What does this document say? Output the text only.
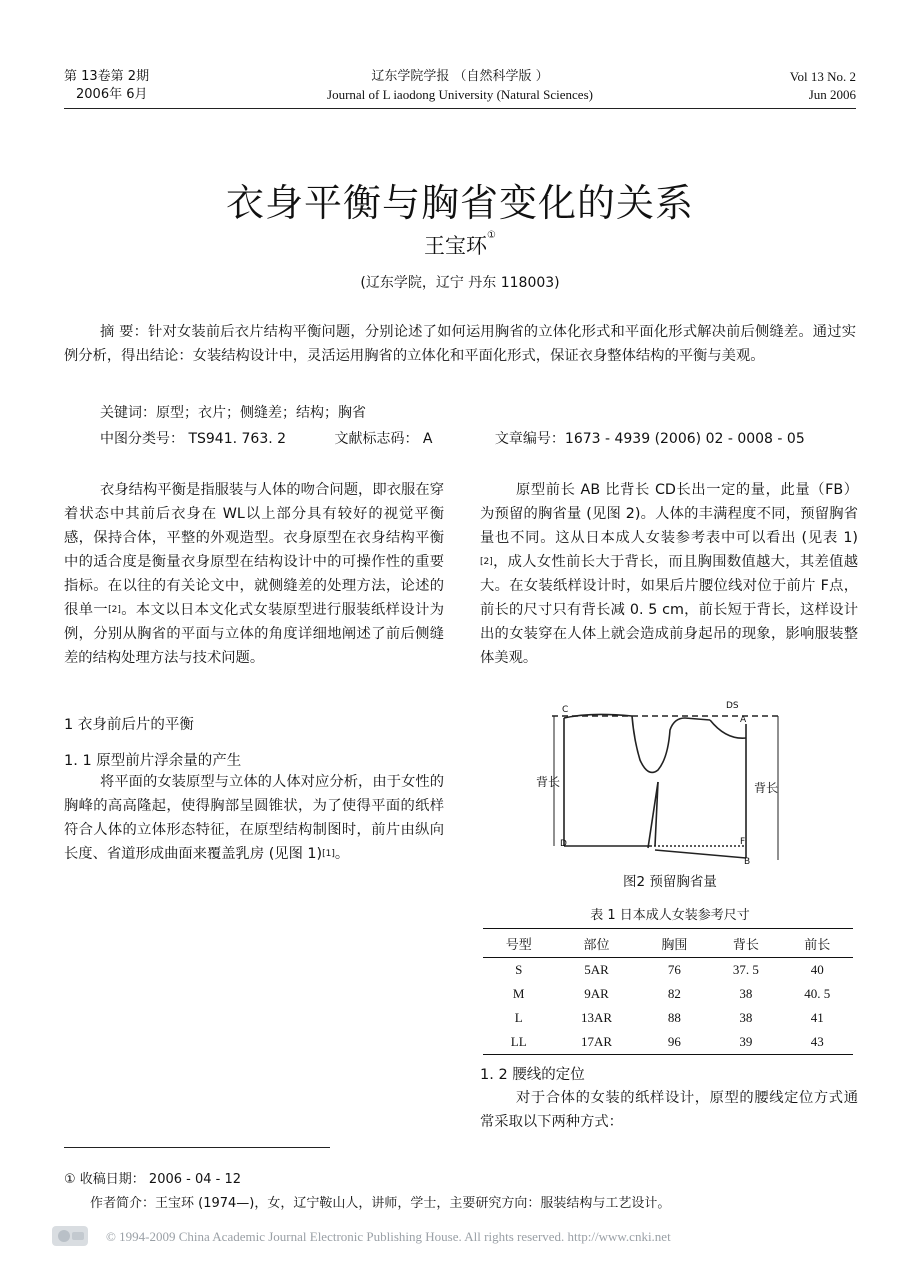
第 13卷第 2期
2006年 6月
辽东学院学报 （自然科学版 ）
Journal of L iaodong University (Natural Sciences)
Vol 13 No. 2
Jun 2006
衣身平衡与胸省变化的关系
王宝环①
(辽东学院，辽宁 丹东 118003)
摘 要：针对女装前后衣片结构平衡问题，分别论述了如何运用胸省的立体化形式和平面化形式解决前后侧缝差。通过实例分析，得出结论：女装结构设计中，灵活运用胸省的立体化和平面化形式，保证衣身整体结构的平衡与美观。
关键词：原型；衣片；侧缝差；结构；胸省
中图分类号： TS941. 763. 2	文献标志码： A	文章编号：1673 - 4939 (2006) 02 - 0008 - 05

衣身结构平衡是指服装与人体的吻合问题，即衣服在穿着状态中其前后衣身在 WL以上部分具有较好的视觉平衡感，保持合体，平整的外观造型。衣身原型在衣身结构平衡中的适合度是衡量衣身原型在结构设计中的可操作性的重要指标。在以往的有关论文中，就侧缝差的处理方法，论述的很单一[2]。本文以日本文化式女装原型进行服装纸样设计为例，分别从胸省的平面与立体的角度详细地阐述了前后侧缝差的结构处理方法与技术问题。

1 衣身前后片的平衡
1. 1 原型前片浮余量的产生

将平面的女装原型与立体的人体对应分析，由于女性的胸峰的高高隆起，使得胸部呈圆锥状，为了使得平面的纸样符合人体的立体形态特征，在原型结构制图时，前片由纵向长度、省道形成曲面来覆盖乳房 (见图 1)[1]。

原型前长 AB 比背长 CD长出一定的量，此量（FB）为预留的胸省量 (见图 2)。人体的丰满程度不同，预留胸省量也不同。这从日本成人女装参考表中可以看出 (见表 1)[2]，成人女性前长大于背长，而且胸围数值越大，其差值越大。在女装纸样设计时，如果后片腰位线对位于前片 F点，前长的尺寸只有背长减 0. 5 cm，前长短于背长，这样设计出的女装穿在人体上就会造成前身起吊的现象，影响服装整体美观。

C	DS
A
D	F
B
背长	背长
图2 预留胸省量
表 1 日本成人女装参考尺寸
号型	部位	胸围	背长	前长
S	5AR	76	37. 5	40
M	9AR	82	38	40. 5
L	13AR	88	38	41
LL	17AR	96	39	43
1. 2 腰线的定位

对于合体的女装的纸样设计，原型的腰线定位方式通常采取以下两种方式：

① 收稿日期： 2006 - 04 - 12
作者简介：王宝环 (1974—)，女，辽宁鞍山人，讲师，学士，主要研究方向：服装结构与工艺设计。
© 1994-2009 China Academic Journal Electronic Publishing House. All rights reserved. http://www.cnki.net
